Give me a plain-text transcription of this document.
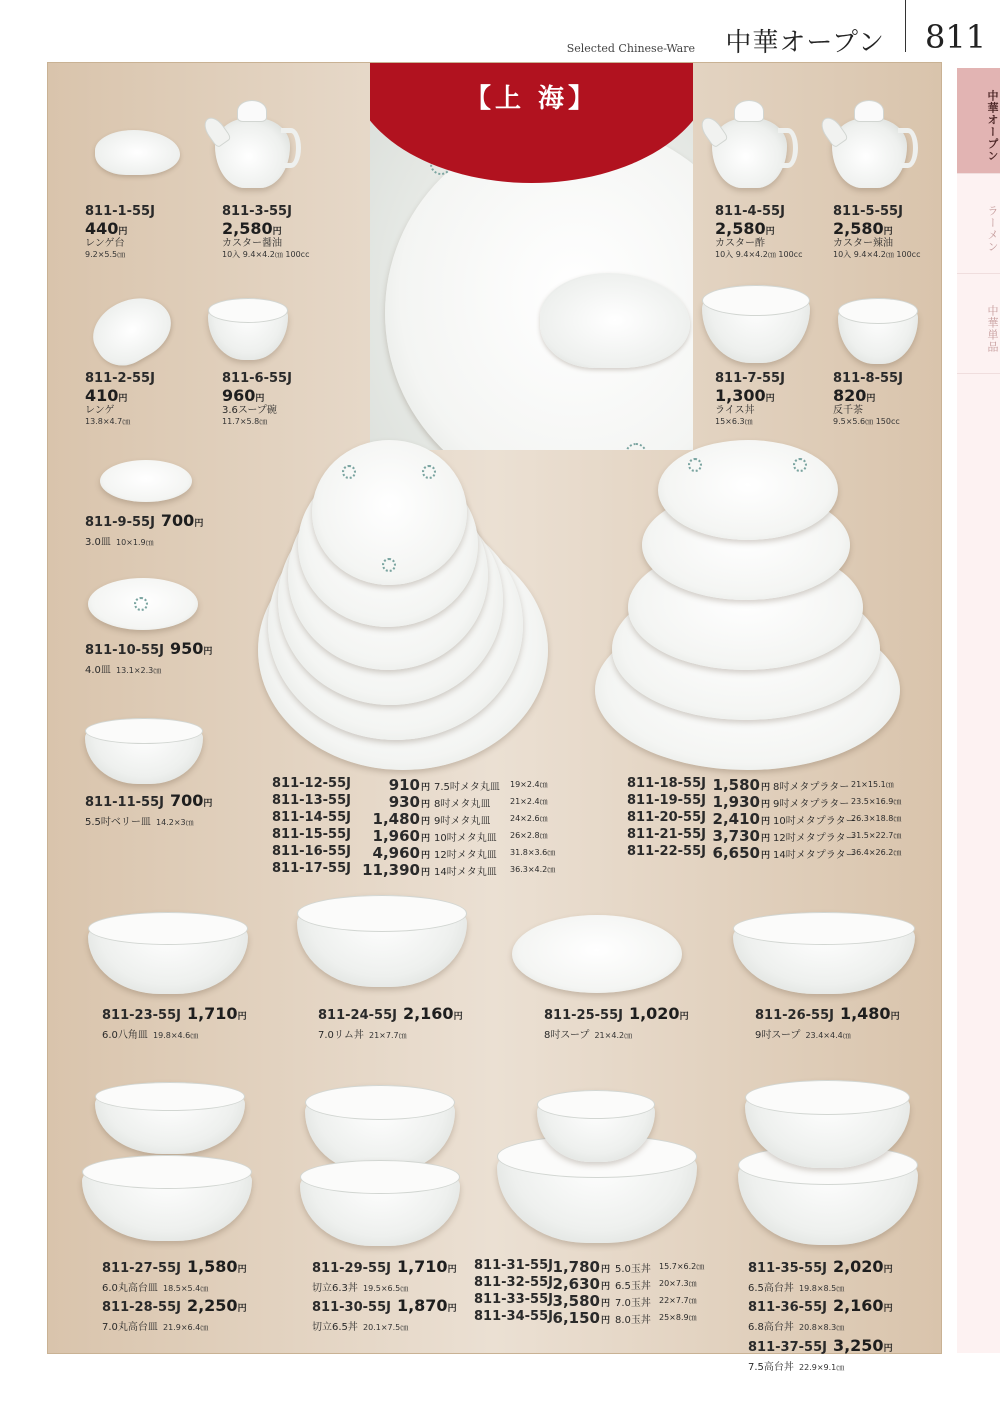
Selected Chinese-Ware 中華オープン 811
中華オープン
ラーメン
中華単品
【上 海】
811-1-55J
440円
レンゲ台
9.2×5.5㎝
811-3-55J
2,580円
カスター醤油
10入 9.4×4.2㎝ 100cc
811-4-55J
2,580円
カスター酢
10入 9.4×4.2㎝ 100cc
811-5-55J
2,580円
カスター辣油
10入 9.4×4.2㎝ 100cc
811-2-55J
410円
レンゲ
13.8×4.7㎝
811-6-55J
960円
3.6スープ碗
11.7×5.8㎝
811-7-55J
1,300円
ライス丼
15×6.3㎝
811-8-55J
820円
反千茶
9.5×5.6㎝ 150cc
811-9-55J 700円
3.0皿 10×1.9㎝
811-10-55J 950円
4.0皿 13.1×2.3㎝
811-11-55J 700円
5.5吋ベリー皿 14.2×3㎝
811-12-55J	910 円 7.5吋メタ丸皿 19×2.4㎝
811-13-55J	930 円 8吋メタ丸皿 21×2.4㎝
811-14-55J	1,480 円 9吋メタ丸皿 24×2.6㎝
811-15-55J	1,960 円 10吋メタ丸皿 26×2.8㎝
811-16-55J	4,960 円 12吋メタ丸皿 31.8×3.6㎝
811-17-55J 11,390 円 14吋メタ丸皿 36.3×4.2㎝
811-18-55J 1,580 円 8吋メタプラター 21×15.1㎝
811-19-55J 1,930 円 9吋メタプラター 23.5×16.9㎝
811-20-55J 2,410 円 10吋メタプラター
26.3×18.8㎝
811-21-55J 3,730 円 12吋メタプラター
31.5×22.7㎝
811-22-55J 6,650 円 14吋メタプラター
36.4×26.2㎝
811-23-55J 1,710円
6.0八角皿 19.8×4.6㎝
811-24-55J 2,160円
7.0リム丼 21×7.7㎝
811-25-55J 1,020円
8吋スープ 21×4.2㎝
811-26-55J 1,480円
9吋スープ 23.4×4.4㎝
811-27-55J 1,580円
6.0丸高台皿 18.5×5.4㎝
811-28-55J 2,250円
7.0丸高台皿 21.9×6.4㎝
811-29-55J 1,710円
切立6.3丼 19.5×6.5㎝
811-30-55J 1,870円
切立6.5丼 20.1×7.5㎝
811-31-55J 1,780 円 5.0玉丼 15.7×6.2㎝
811-32-55J 2,630 円 6.5玉丼 20×7.3㎝
811-33-55J 3,580 円 7.0玉丼 22×7.7㎝
811-34-55J 6,150 円 8.0玉丼 25×8.9㎝
811-35-55J 2,020円
6.5高台丼 19.8×8.5㎝
811-36-55J 2,160円
6.8高台丼 20.8×8.3㎝
811-37-55J 3,250円
7.5高台丼 22.9×9.1㎝
